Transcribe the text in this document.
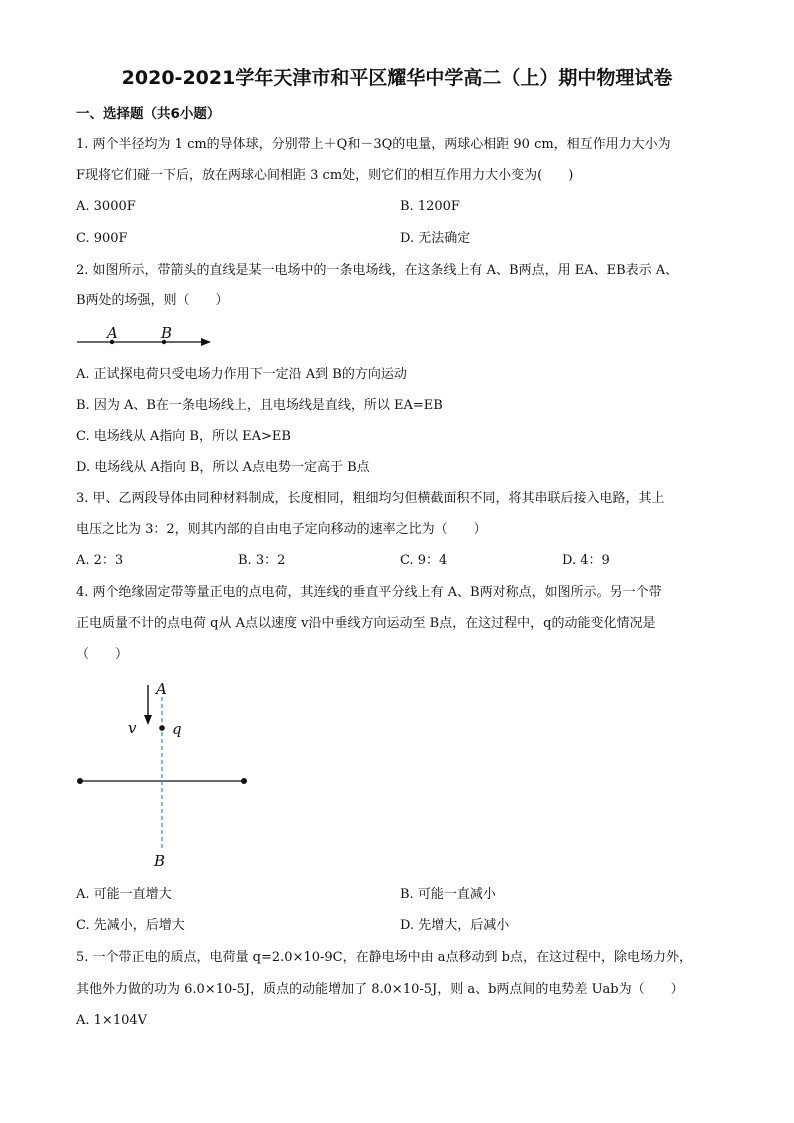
2020-2021学年天津市和平区耀华中学高二（上）期中物理试卷
一、选择题（共6小题）
1. 两个半径均为 1 cm的导体球，分别带上＋Q和－3Q的电量，两球心相距 90 cm，相互作用力大小为
F现将它们碰一下后，放在两球心间相距 3 cm处，则它们的相互作用力大小变为(　　)
A. 3000F	B. 1200F
C. 900F	D. 无法确定
2. 如图所示，带箭头的直线是某一电场中的一条电场线，在这条线上有 A、B两点，用 EA、EB表示 A、
B两处的场强，则（　　）
A	B
A. 正试探电荷只受电场力作用下一定沿 A到 B的方向运动
B. 因为 A、B在一条电场线上，且电场线是直线，所以 EA=EB
C. 电场线从 A指向 B，所以 EA>EB
D. 电场线从 A指向 B，所以 A点电势一定高于 B点
3. 甲、乙两段导体由同种材料制成，长度相同，粗细均匀但横截面积不同，将其串联后接入电路，其上
电压之比为 3：2，则其内部的自由电子定向移动的速率之比为（　　）
A. 2：3	B. 3：2	C. 9：4	D. 4：9
4. 两个绝缘固定带等量正电的点电荷，其连线的垂直平分线上有 A、B两对称点，如图所示。另一个带
正电质量不计的点电荷 q从 A点以速度 v沿中垂线方向运动至 B点，在这过程中，q的动能变化情况是
（　　）
A
B
v q
A. 可能一直增大	B. 可能一直减小
C. 先减小，后增大	D. 先增大，后减小
5. 一个带正电的质点，电荷量 q=2.0×10-9C，在静电场中由 a点移动到 b点，在这过程中，除电场力外，
其他外力做的功为 6.0×10-5J，质点的动能增加了 8.0×10-5J，则 a、b两点间的电势差 Uab为（　　）
A. 1×104V
